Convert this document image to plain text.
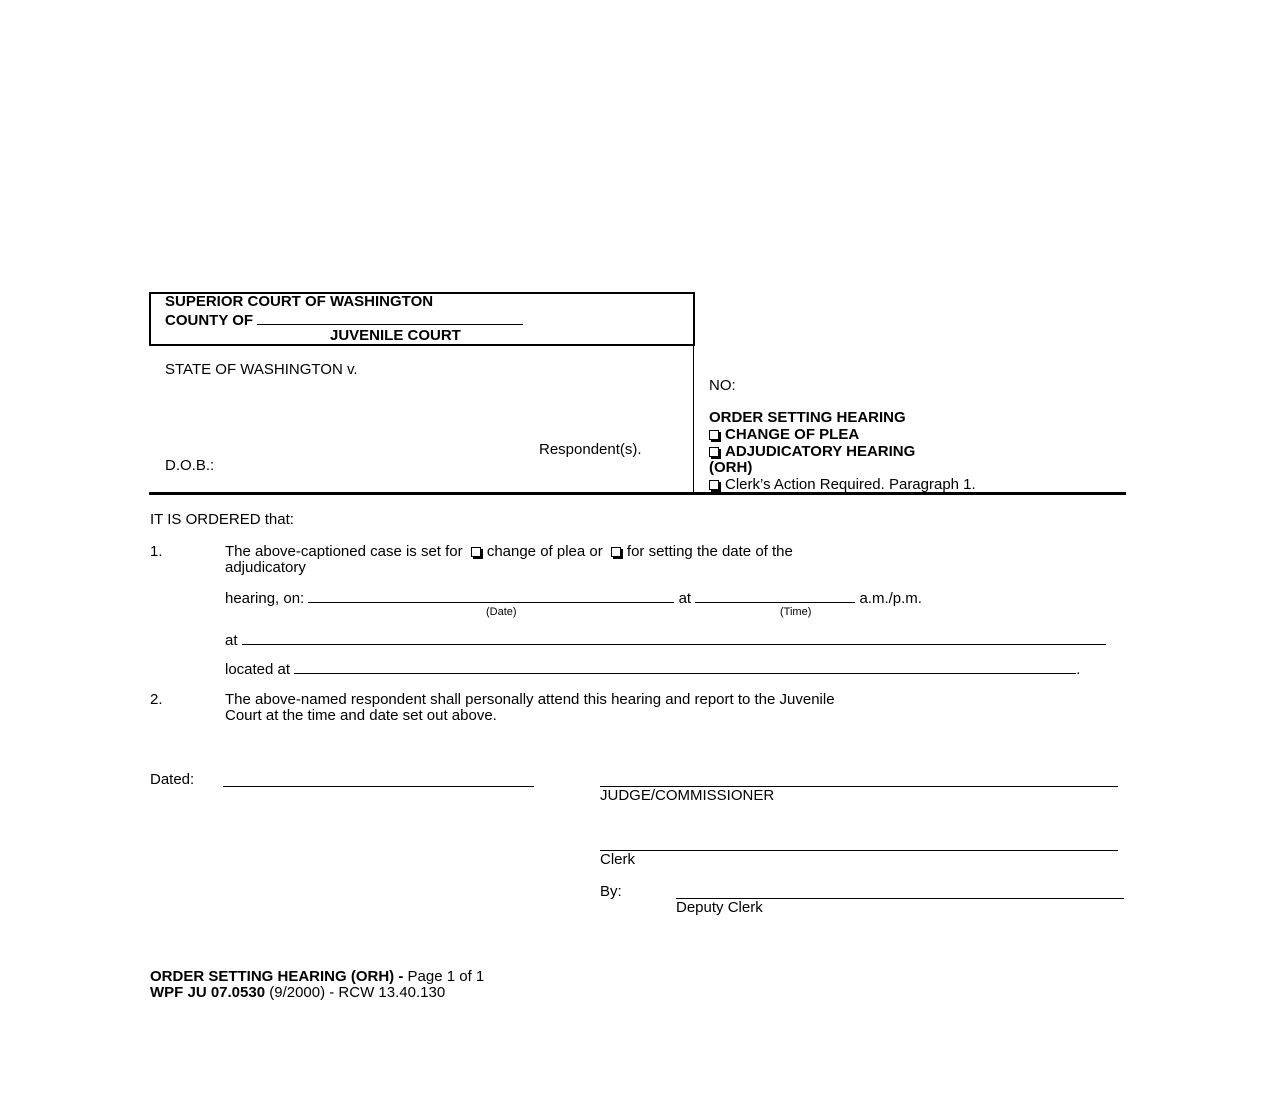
SUPERIOR COURT OF WASHINGTON
COUNTY OF
JUVENILE COURT
STATE OF WASHINGTON v.
Respondent(s).
D.O.B.:
NO:
ORDER SETTING HEARING
CHANGE OF PLEA
ADJUDICATORY HEARING
(ORH)
Clerk’s Action Required. Paragraph 1.
IT IS ORDERED that:
1.	The above-captioned case is set for change of plea or for setting the date of the
adjudicatory
hearing, on:	at	a.m./p.m.
(Date)	(Time)
at
located at	.
2.	The above-named respondent shall personally attend this hearing and report to the Juvenile
Court at the time and date set out above.
Dated:
JUDGE/COMMISSIONER
Clerk
By:
Deputy Clerk
ORDER SETTING HEARING (ORH) - Page 1 of 1
WPF JU 07.0530 (9/2000) - RCW 13.40.130
